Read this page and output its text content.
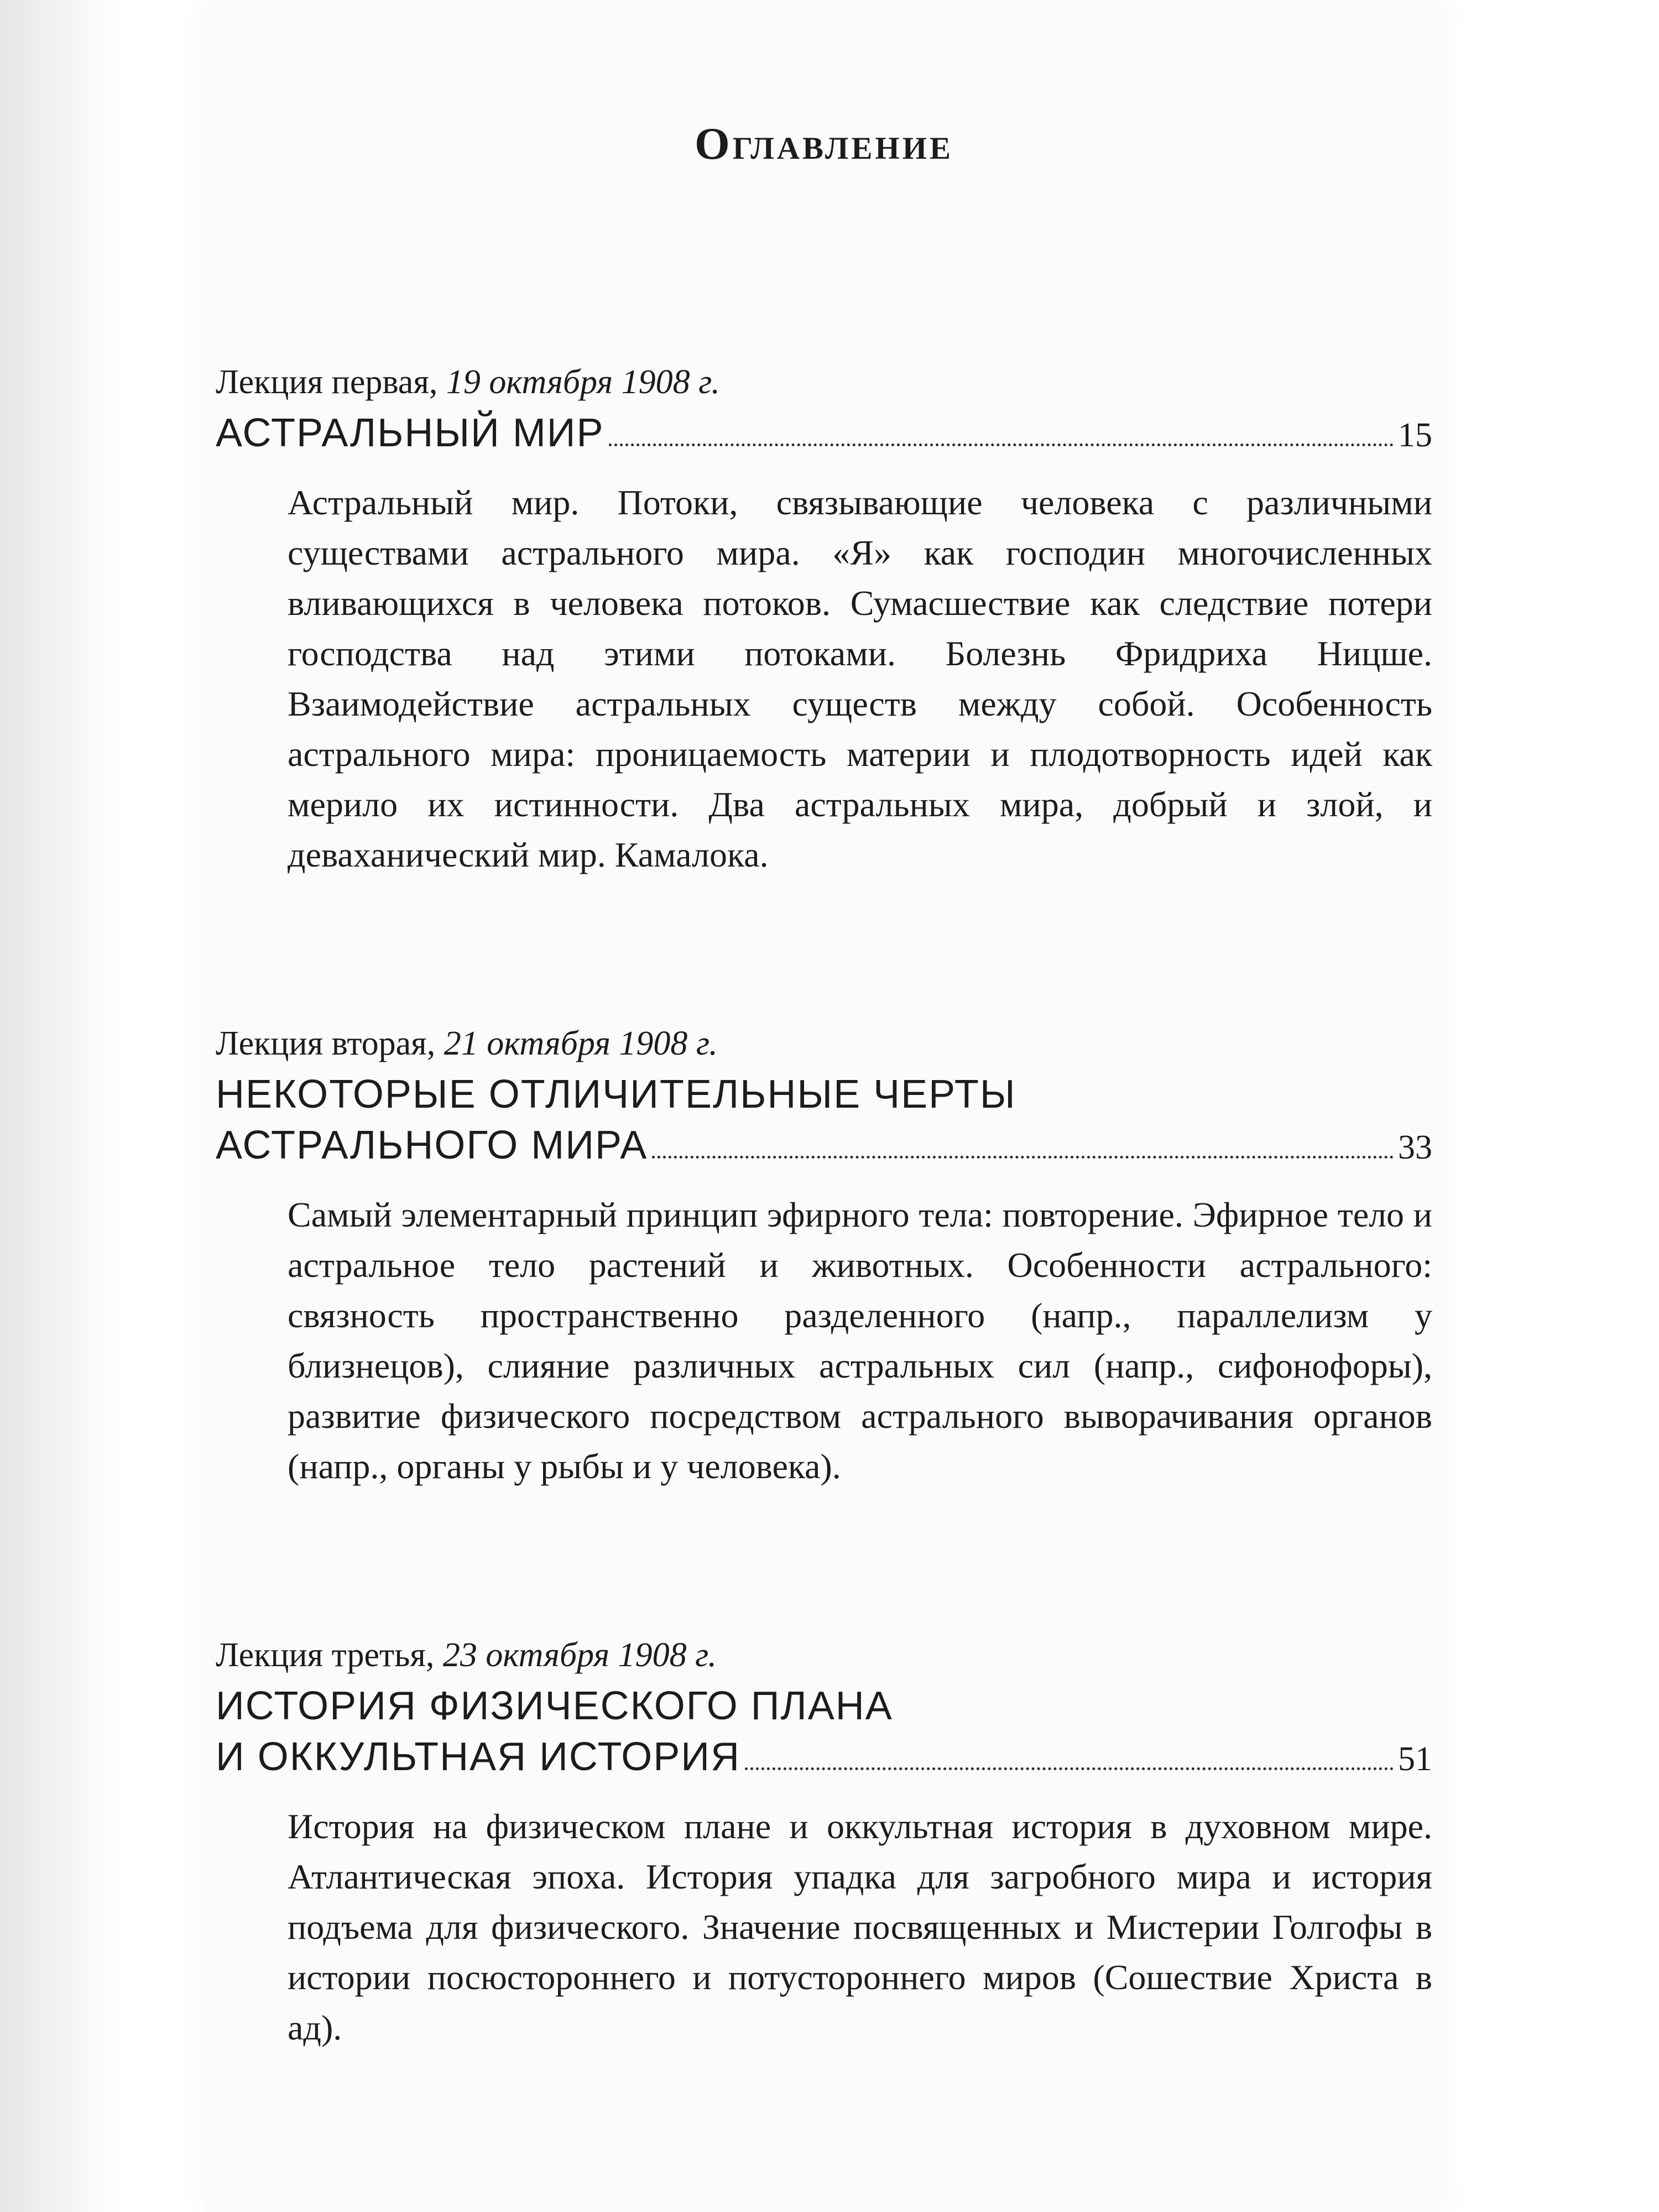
Оглавление

Лекция первая, 19 октября 1908 г.

АСТРАЛЬНЫЙ МИР	15

Астральный мир. Потоки, связывающие человека с различными существами астрального мира. «Я» как господин многочисленных вливающихся в человека потоков. Сумасшествие как следствие потери господства над этими потоками. Болезнь Фридриха Ницше. Взаимодействие астральных существ между собой. Особенность астрального мира: проницаемость материи и плодотворность идей как мерило их истинности. Два астральных мира, добрый и злой, и деваханический мир. Камалока.

Лекция вторая, 21 октября 1908 г.

НЕКОТОРЫЕ ОТЛИЧИТЕЛЬНЫЕ ЧЕРТЫ
АСТРАЛЬНОГО МИРА	33

Самый элементарный принцип эфирного тела: повторение. Эфирное тело и астральное тело растений и животных. Особенности астрального: связность пространственно разделенного (напр., параллелизм у близнецов), слияние различных астральных сил (напр., сифонофоры), развитие физического посредством астрального выворачивания органов (напр., органы у рыбы и у человека).

Лекция третья, 23 октября 1908 г.

ИСТОРИЯ ФИЗИЧЕСКОГО ПЛАНА
И ОККУЛЬТНАЯ ИСТОРИЯ	51

История на физическом плане и оккультная история в духовном мире. Атлантическая эпоха. История упадка для загробного мира и история подъема для физического. Значение посвященных и Мистерии Голгофы в истории посюстороннего и потустороннего миров (Сошествие Христа в ад).
